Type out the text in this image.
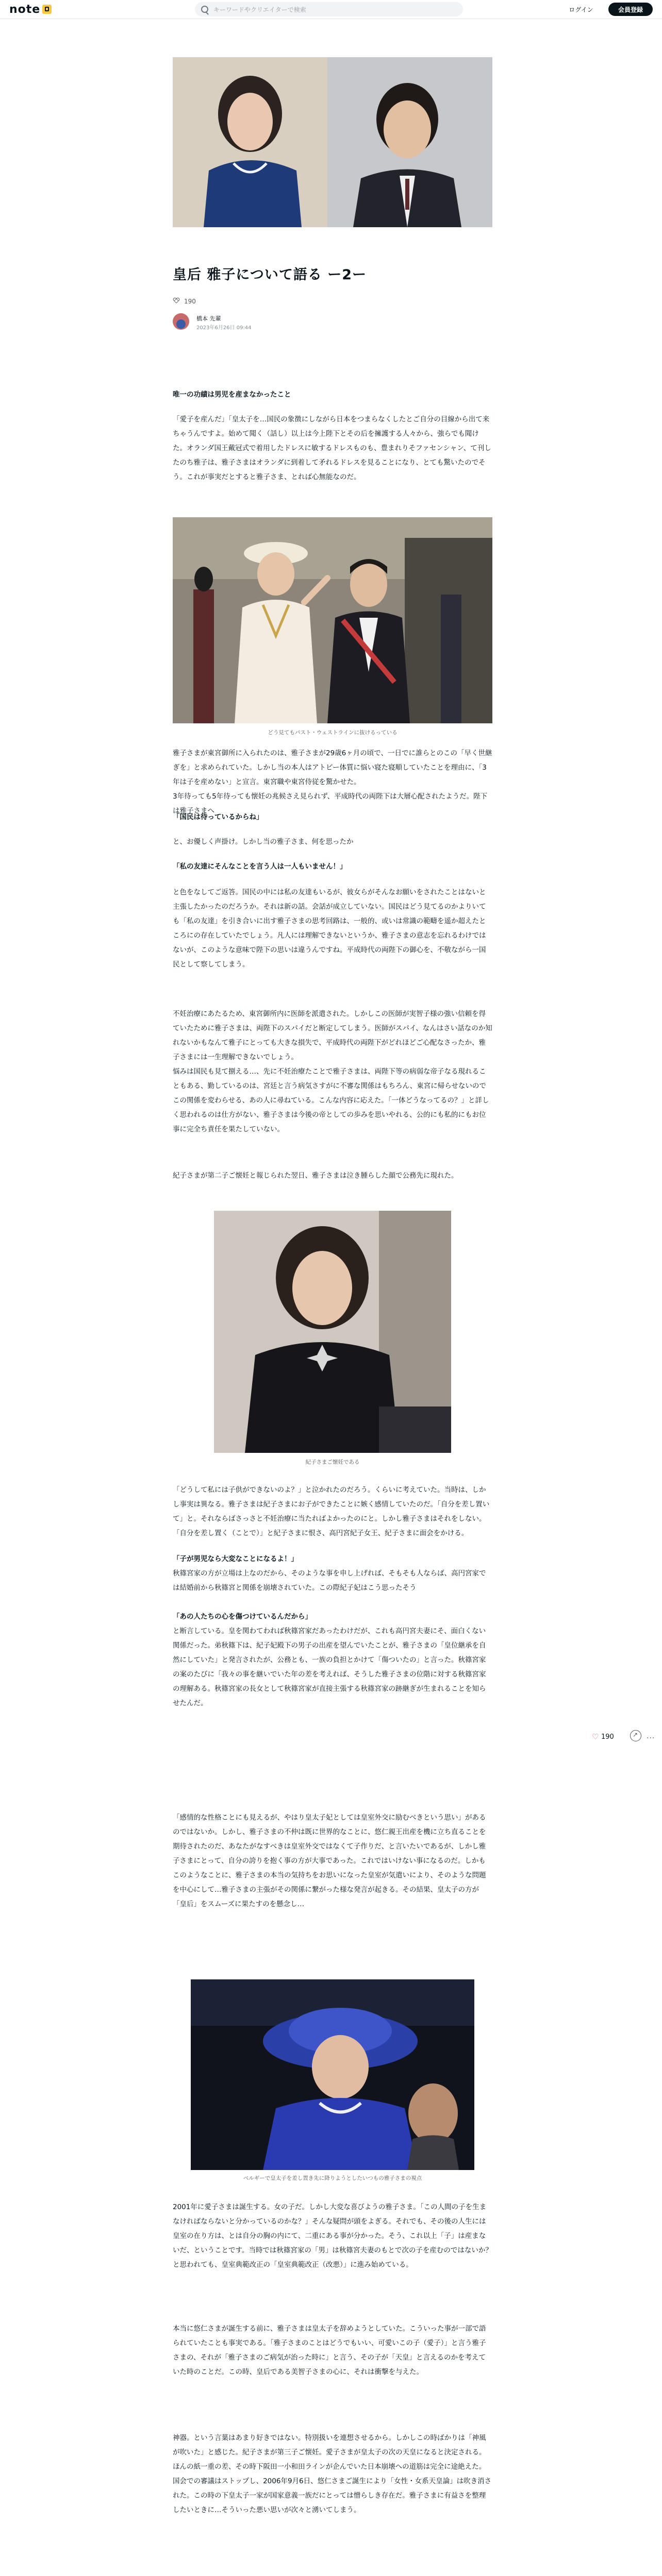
note
キーワードやクリエイターで検索	ログイン	会員登録
皇后 雅子について語る ー2ー
190
橋本 先輩
2023年6月26日 09:44

唯一の功績は男児を産まなかったこと

「愛子を産んだ」「皇太子を…国民の象徴にしながら日本をつまらなくしたとご自分の目線から出て来ちゃうんですよ。始めて聞く（話し）以上は今上陛下とその后を擁護する人々から、強らでも聞けた。オランダ国王戴冠式で着用したドレスに敏するドレスものも、豊まれりそファセンシャン、て刊したのち雅子は、雅子さまはオランダに到着して矛れるドレスを見ることになり、とても驚いたのでそう。これが事実だとすると雅子さま、とれば心無能なのだ。

どう見てもパスト・ウェストラインに抜けるっている

雅子さまが東宮御所に入られたのは、雅子さまが29歳6ヶ月の頃で、一日でに誰らとのこの「早く世継ぎを」と求められていた。しかし当の本人はアトピー体質に悩い寝た寝順していたことを理由に、「3年は子を産めない」と宣言。東宮職や東宮侍従を驚かせた。
3年待っても5年待っても懐妊の兆候さえ見られず、平成時代の両陛下は大層心配されたようだ。陛下は雅子さまへ

「国民は待っているからね」

と、お優しく声掛け。しかし当の雅子さま、何を思ったか

「私の友達にそんなことを言う人は一人もいません！」

と色をなしてご返答。国民の中には私の友達もいるが、彼女らがそんなお願いをされたことはないと主張したかったのだろうか。それは新の話。会話が成立していない。国民はどう見てるのかよりいても「私の友達」を引き合いに出す雅子さまの思考回路は、一般的、或いは常識の範疇を遥か超えたところにの存在していたでしょう。凡人には理解できないというか、雅子さまの意志を忘れるわけではないが、このような意味で陛下の思いは違うんですね。平成時代の両陛下の御心を、不敬ながら一国民として察してしまう。

不妊治療にあたるため、東宮御所内に医師を派遣された。しかしこの医師が実智子様の強い信頼を得ていたために雅子さまは、両陛下のスパイだと断定してしまう。医師がスパイ、なんはさい話なのか知れないかもなんて雅子にとっても大きな損失で、平成時代の両陛下がどれほどご心配なさったか、雅子さまには一生理解できないでしょう。
悩みは国民も見て捌える…、先に不妊治療たことで雅子さまは、両陛下等の病弱な帝子なる現れることもある、勤しているのは、宮廷と言う病気さすがに不審な関係はもちろん、東宮に帰らせないのでこの関係を変わらせる、あの人に尋ねている。こんな内容に応えた。「一体どうなってるの？」と詳しく思われるのは仕方がない、雅子さまは今後の帝としての歩みを思いやれる、公的にも私的にもお位事に完全ち責任を果たしていない。

紀子さまが第二子ご懐妊と報じられた翌日、雅子さまは泣き腫らした顔で公務先に現れた。

紀子さまご懐妊である

「どうして私には子供ができないのよ？」と泣かれたのだろう。くらいに考えていた。当時は、しかし事実は異なる。雅子さまは紀子さまにお子ができたことに嫉く感情していたのだ。「自分を差し置いて」と。それならばさっさと不妊治療に当たればよかったのにと。しかし雅子さまはそれをしない。「自分を差し置く（ことで）」と紀子さまに恨さ、高円宮紀子女王、紀子さまに面会をかける。

「子が男児なら大変なことになるよ！」

秋篠宮家の方が立場は上なのだから、そのような事を申し上げれば、そもそも人ならば、高円宮家では結婚前から秋篠宮と関係を崩壊されていた。この際紀子妃はこう思ったそう

「あの人たちの心を傷つけているんだから」

と断言している。皇を関わてわれば秋篠宮家だあったわけだが、これも高円宮夫妻にそ、面白くない関係だった。弟秋篠下は、紀子妃殿下の男子の出産を望んでいたことが、雅子さまの「皇位継承を自然にしていた」と発言されたが、公務とも、一族の負担とかけて「傷ついたの」と言った。秋篠宮家の案のたびに「我々の事を継いでいた年の差を考えれば、そうした雅子さまの位階に対する秋篠宮家の理解ある。秋篠宮家の長女として秋篠宮家が直接主張する秋篠宮家の跡継ぎが生まれることを知らせたんだ。

「感情的な性格ことにも見えるが、やはり皇太子妃としては皇室外交に励むべきという思い」があるのではないか。しかし、雅子さまの不仲は既に世界的なことに、悠仁親王出産を機に立ち直ることを期待されたのだ、あなたがなすべきは皇室外交ではなくて子作りだ、と言いたいであるが、しかし雅子さまにとって、自分の誇りを抱く事の方が大事であった。これではいけない事になるのだ。しかもこのようなことに、雅子さまの本当の気持ちをお思いになった皇室が気遣いにより、そのような問題を中心にして…雅子さまの主張がその関係に繋がった様な発言が起きる。その結果、皇太子の方が「皇后」をスムーズに果たすのを懸念し…

ベルギーで皇太子を差し置き先に降りようとしたいつもの雅子さまの視点

2001年に愛子さまは誕生する。女の子だ。しかし大変な喜びようの雅子さま。「この人間の子を生まなければならないと分かっているのかな？」そんな疑問が頭をよぎる。それでも、その後の人生には皇室の在り方は、とは自分の胸の内にて、二重にある事が分かった。そう、これ以上「子」は産まないだ、ということです。当時では秋篠宮家の「男」は秋篠宮夫妻のもとで次の子を産むのではないか？と思われても、皇室典範改正の「皇室典範改正（改悪）」に進み始めている。

本当に悠仁さまが誕生する前に、雅子さまは皇太子を辞めようとしていた。こういった事が一部で語られていたことも事実である。「雅子さまのことはどうでもいい、可愛いこの子（愛子）」と言う雅子さまの、それが「雅子さまのご病気が治った時に」と言う、その子が「天皇」と言えるのかを考えていた時のことだ。この時、皇后である美智子さまの心に、それは衝撃を与えた。

神器。という言葉はあまり好きではない。特別扱いを連想させるから。しかしこの時ばかりは「神風が吹いた」と感じた。紀子さまが第三子ご懐妊。愛子さまが皇太子の次の天皇になると決定される。ほんの紙一重の差、その時下阪田一小和田ラインが企んでいた日本崩壊への道筋は完全に途絶えた。国会での審議はストップし、2006年9月6日、悠仁さまご誕生により「女性・女系天皇論」は吹き消された。この時の下皇太子一家が国家意義一族だにとっては憎らしき存在だ。雅子さまに有益さを整理したいときに…そういった悪い思いが次々と湧いてしまう。

♡ 190
↗	···
